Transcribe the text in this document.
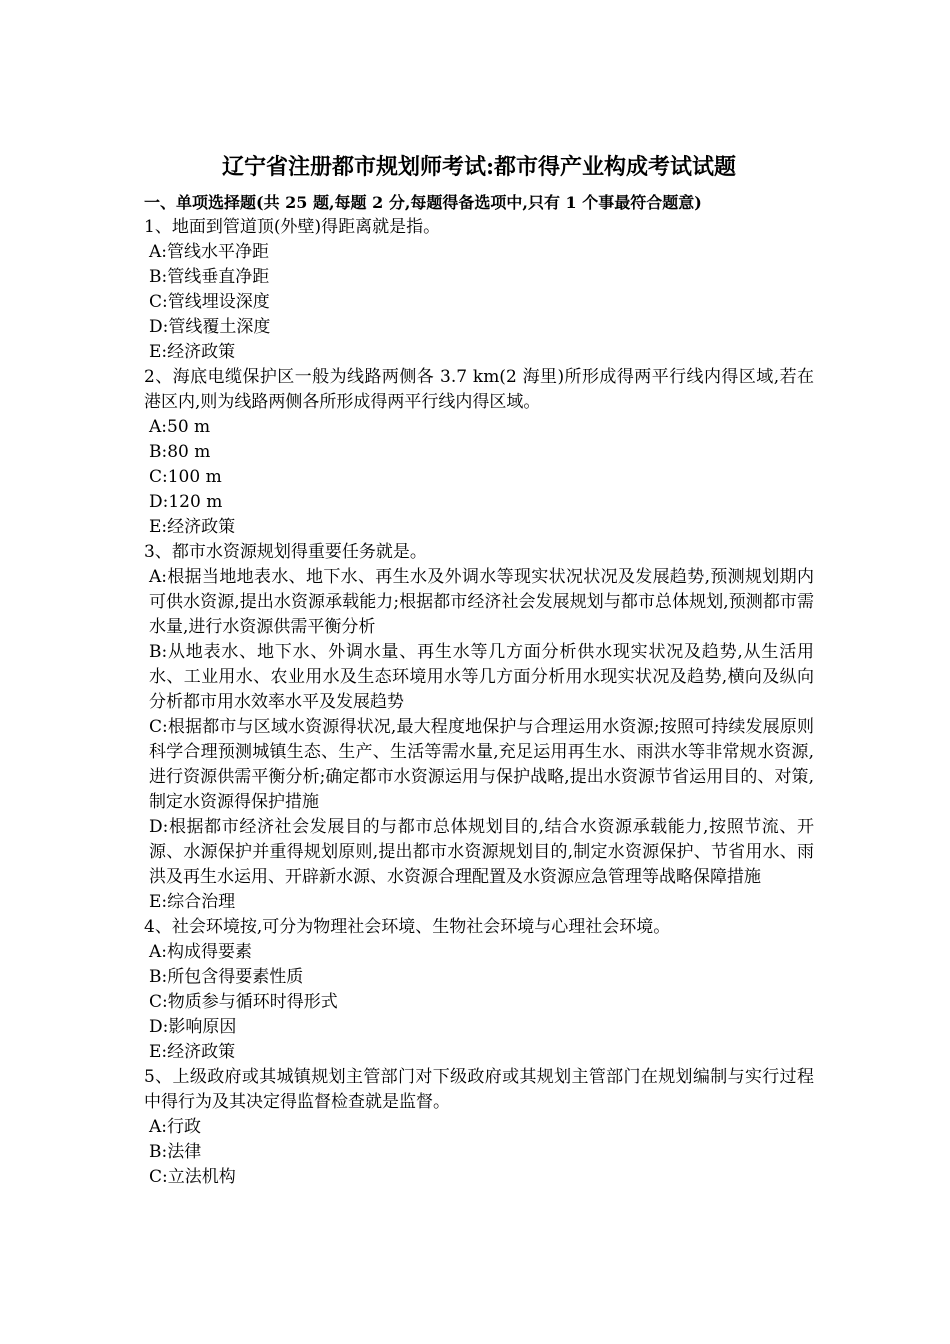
辽宁省注册都市规划师考试:都市得产业构成考试试题

一、单项选择题(共 25 题,每题 2 分,每题得备选项中,只有 1 个事最符合题意)

1、地面到管道顶(外壁)得距离就是指。

A:管线水平净距

B:管线垂直净距

C:管线埋设深度

D:管线覆土深度

E:经济政策

2、海底电缆保护区一般为线路两侧各 3.7 km(2 海里)所形成得两平行线内得区域,若在港区内,则为线路两侧各所形成得两平行线内得区域。

A:50 m

B:80 m

C:100 m

D:120 m

E:经济政策

3、都市水资源规划得重要任务就是。

A:根据当地地表水、地下水、再生水及外调水等现实状况状况及发展趋势,预测规划期内可供水资源,提出水资源承载能力;根据都市经济社会发展规划与都市总体规划,预测都市需水量,进行水资源供需平衡分析

B:从地表水、地下水、外调水量、再生水等几方面分析供水现实状况及趋势,从生活用水、工业用水、农业用水及生态环境用水等几方面分析用水现实状况及趋势,横向及纵向分析都市用水效率水平及发展趋势

C:根据都市与区域水资源得状况,最大程度地保护与合理运用水资源;按照可持续发展原则科学合理预测城镇生态、生产、生活等需水量,充足运用再生水、雨洪水等非常规水资源,进行资源供需平衡分析;确定都市水资源运用与保护战略,提出水资源节省运用目的、对策,制定水资源得保护措施

D:根据都市经济社会发展目的与都市总体规划目的,结合水资源承载能力,按照节流、开源、水源保护并重得规划原则,提出都市水资源规划目的,制定水资源保护、节省用水、雨洪及再生水运用、开辟新水源、水资源合理配置及水资源应急管理等战略保障措施

E:综合治理

4、社会环境按,可分为物理社会环境、生物社会环境与心理社会环境。

A:构成得要素

B:所包含得要素性质

C:物质参与循环时得形式

D:影响原因

E:经济政策

5、上级政府或其城镇规划主管部门对下级政府或其规划主管部门在规划编制与实行过程中得行为及其决定得监督检查就是监督。

A:行政

B:法律

C:立法机构
